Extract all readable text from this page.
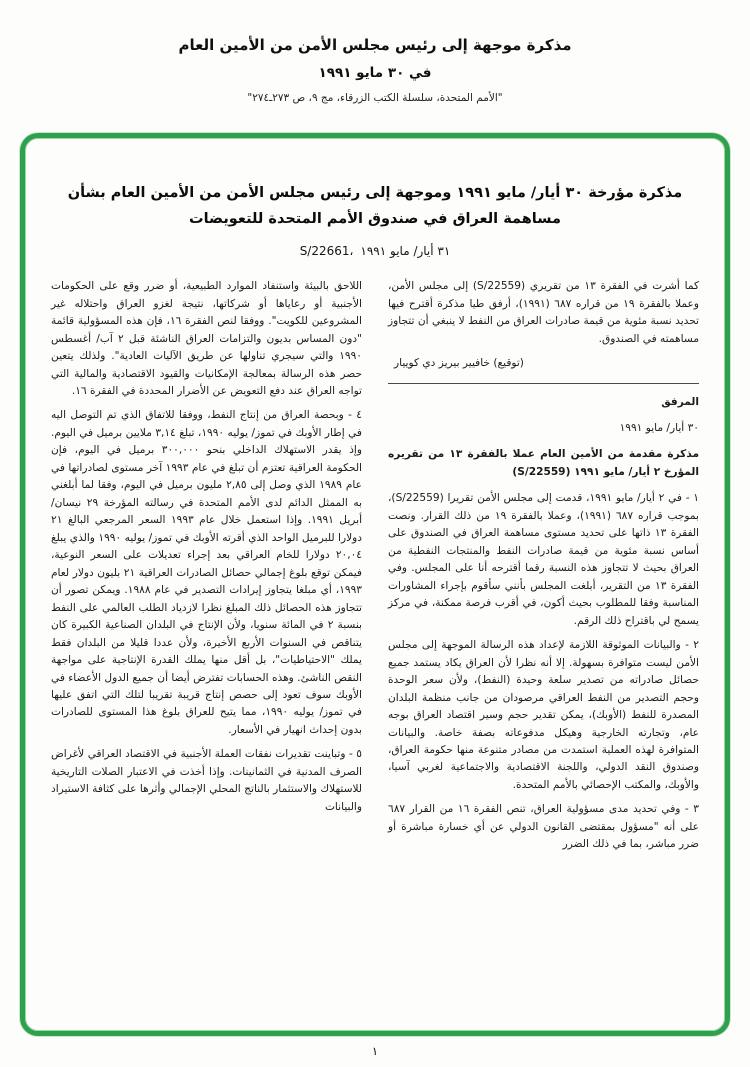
مذكرة موجهة إلى رئيس مجلس الأمن من الأمين العام
في ٣٠ مايو ١٩٩١
"الأمم المتحدة، سلسلة الكتب الزرقاء، مج ٩، ص ٢٧٣ـ٢٧٤"
مذكرة مؤرخة ٣٠ أيار/ مايو ١٩٩١ وموجهة إلى رئيس مجلس الأمن من الأمين العام بشأن مساهمة العراق في صندوق الأمم المتحدة للتعويضات
S/22661، ٣١ أيار/ مايو ١٩٩١

كما أشرت في الفقرة ١٣ من تقريري (S/22559) إلى مجلس الأمن، وعملا بالفقرة ١٩ من قراره ٦٨٧ (١٩٩١)، أرفق طيا مذكرة أقترح فيها تحديد نسبة مئوية من قيمة صادرات العراق من النفط لا ينبغي أن تتجاوز مساهمته في الصندوق.

(توقيع) خافيير بيريز دي كوييار

المرفق

٣٠ أيار/ مايو ١٩٩١

مذكرة مقدمة من الأمين العام عملا بالفقرة ١٣ من تقريره المؤرخ ٢ أيار/ مايو ١٩٩١ (S/22559)

١ - في ٢ أيار/ مايو ١٩٩١، قدمت إلى مجلس الأمن تقريرا (S/22559)، بموجب قراره ٦٨٧ (١٩٩١)، وعملا بالفقرة ١٩ من ذلك القرار. ونصت الفقرة ١٣ ذاتها على تحديد مستوى مساهمة العراق في الصندوق على أساس نسبة مئوية من قيمة صادرات النفط والمنتجات النفطية من العراق بحيث لا تتجاوز هذه النسبة رقما أقترحه أنا على المجلس. وفي الفقرة ١٣ من التقرير، أبلغت المجلس بأنني سأقوم بإجراء المشاورات المناسبة وفقا للمطلوب بحيث أكون، في أقرب فرصة ممكنة، في مركز يسمح لي باقتراح ذلك الرقم.

٢ - والبيانات الموثوقة اللازمة لإعداد هذه الرسالة الموجهة إلى مجلس الأمن ليست متوافرة بسهولة. إلا أنه نظرا لأن العراق يكاد يستمد جميع حصائل صادراته من تصدير سلعة وحيدة (النفط)، ولأن سعر الوحدة وحجم التصدير من النفط العراقي مرصودان من جانب منظمة البلدان المصدرة للنفط (الأوبك)، يمكن تقدير حجم وسير اقتصاد العراق بوجه عام، وتجارته الخارجية وهيكل مدفوعاته بصفة خاصة. والبيانات المتوافرة لهذه العملية استمدت من مصادر متنوعة منها حكومة العراق، وصندوق النقد الدولي، واللجنة الاقتصادية والاجتماعية لغربي آسيا، والأوبك، والمكتب الإحصائي بالأمم المتحدة.

٣ - وفي تحديد مدى مسؤولية العراق، تنص الفقرة ١٦ من القرار ٦٨٧ على أنه "مسؤول بمقتضى القانون الدولي عن أي خسارة مباشرة أو ضرر مباشر، بما في ذلك الضرر

اللاحق بالبيئة واستنفاد الموارد الطبيعية، أو ضرر وقع على الحكومات الأجنبية أو رعاياها أو شركاتها، نتيجة لغزو العراق واحتلاله غير المشروعين للكويت". ووفقا لنص الفقرة ١٦، فإن هذه المسؤولية قائمة "دون المساس بديون والتزامات العراق الناشئة قبل ٢ آب/ أغسطس ١٩٩٠ والتي سيجري تناولها عن طريق الآليات العادية". ولذلك يتعين حصر هذه الرسالة بمعالجة الإمكانيات والقيود الاقتصادية والمالية التي تواجه العراق عند دفع التعويض عن الأضرار المحددة في الفقرة ١٦.

٤ - وبحصة العراق من إنتاج النفط، ووفقا للاتفاق الذي تم التوصل اليه في إطار الأوبك في تموز/ يوليه ١٩٩٠، تبلغ ٣,١٤ ملايين برميل في اليوم. وإذ يقدر الاستهلاك الداخلي بنحو ٣٠٠,٠٠٠ برميل في اليوم، فإن الحكومة العراقية تعتزم أن تبلغ في عام ١٩٩٣ آخر مستوى لصادراتها في عام ١٩٨٩ الذي وصل إلى ٢,٨٥ مليون برميل في اليوم، وفقا لما أبلغني به الممثل الدائم لدى الأمم المتحدة في رسالته المؤرخة ٢٩ نيسان/ أبريل ١٩٩١. وإذا استعمل خلال عام ١٩٩٣ السعر المرجعي البالغ ٢١ دولارا للبرميل الواحد الذي أقرته الأوبك في تموز/ يوليه ١٩٩٠ والذي يبلغ ٢٠,٠٤ دولارا للخام العراقي بعد إجراء تعديلات على السعر النوعية، فيمكن توقع بلوغ إجمالي حصائل الصادرات العراقية ٢١ بليون دولار لعام ١٩٩٣، أي مبلغا يتجاوز إيرادات التصدير في عام ١٩٨٨. ويمكن تصور أن تتجاوز هذه الحصائل ذلك المبلغ نظرا لازدياد الطلب العالمي على النفط بنسبة ٢ في المائة سنويا، ولأن الإنتاج في البلدان الصناعية الكبيرة كان يتناقص في السنوات الأربع الأخيرة، ولأن عددا قليلا من البلدان فقط يملك "الاحتياطيات"، بل أقل منها يملك القدرة الإنتاجية على مواجهة النقص الناشئ. وهذه الحسابات تفترض أيضا أن جميع الدول الأعضاء في الأوبك سوف تعود إلى حصص إنتاج قريبة تقريبا لتلك التي اتفق عليها في تموز/ يوليه ١٩٩٠، مما يتيح للعراق بلوغ هذا المستوى للصادرات بدون إحداث انهيار في الأسعار.

٥ - وتباينت تقديرات نفقات العملة الأجنبية في الاقتصاد العراقي لأغراض الصرف المدنية في الثمانينات. وإذا أخذت في الاعتبار الصلات التاريخية للاستهلاك والاستثمار بالناتج المحلي الإجمالي وأثرها على كثافة الاستيراد والبيانات

١
